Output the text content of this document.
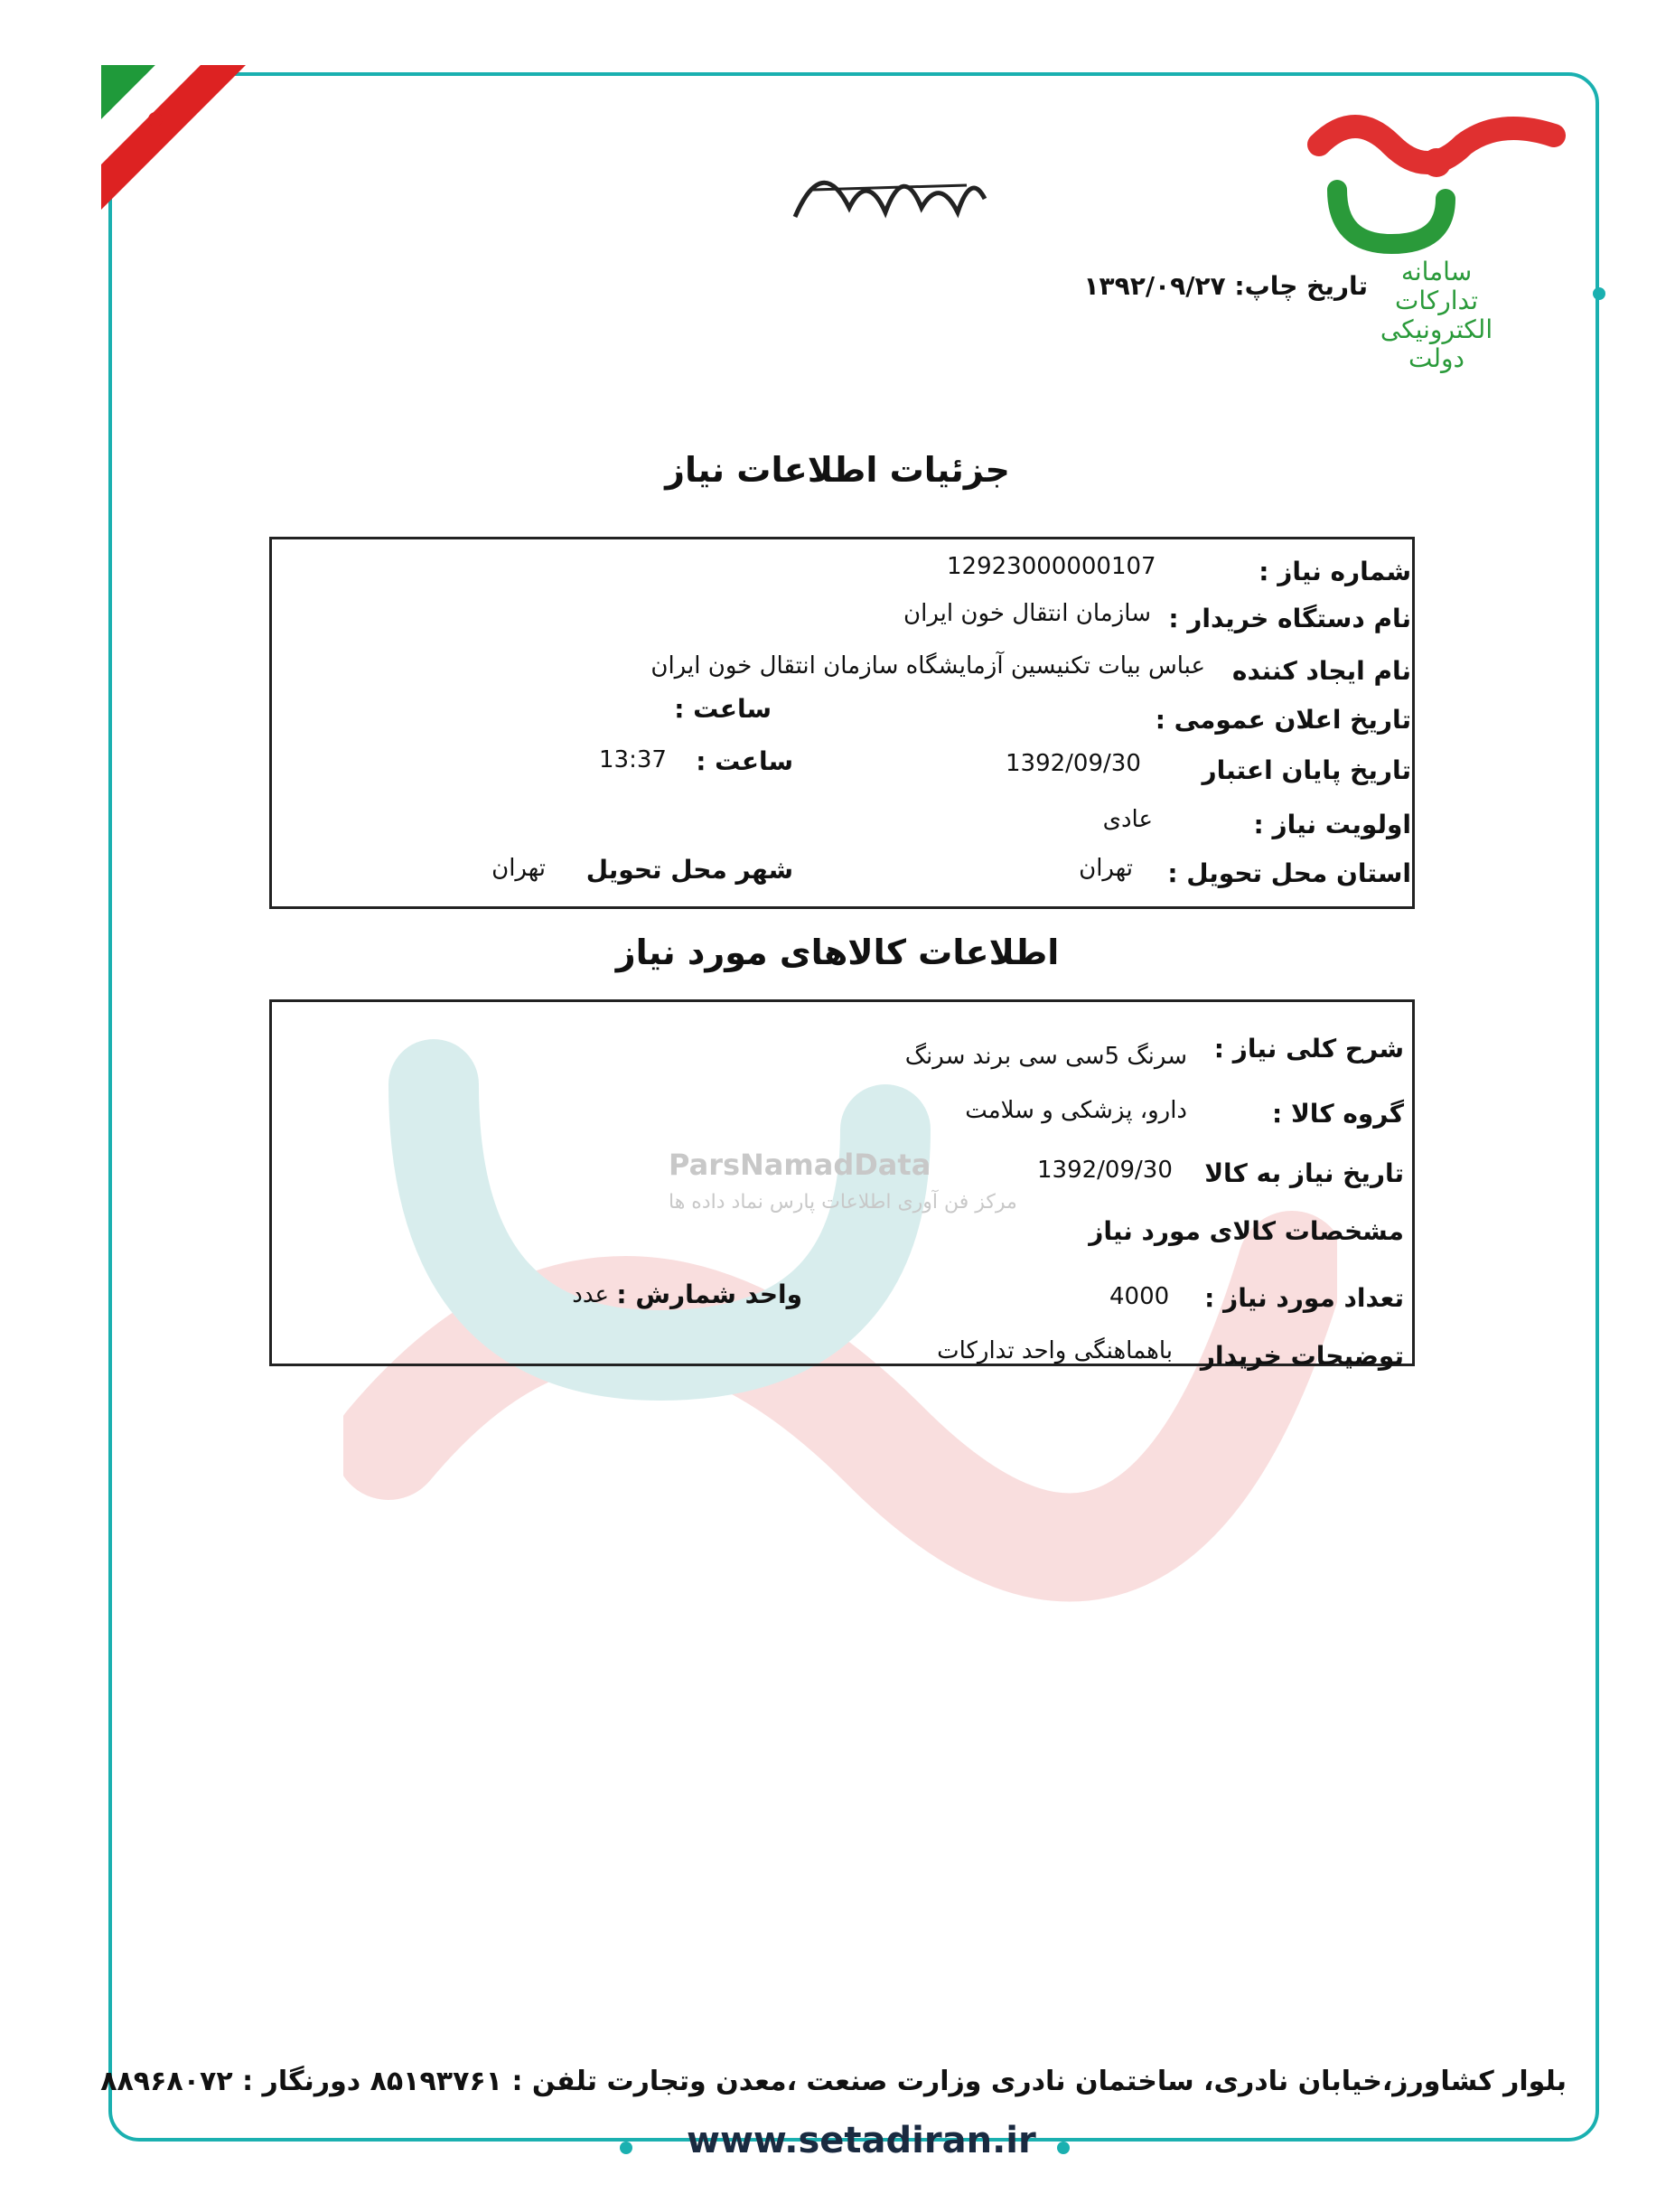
سامانه
تدارکات
الکترونیکی
دولت
تاریخ چاپ: ۱۳۹۲/۰۹/۲۷
ParsNamadData
مرکز فن آوری اطلاعات پارس نماد داده ها
جزئیات اطلاعات نیاز
شماره نیاز :
12923000000107
نام دستگاه خریدار :
سازمان انتقال خون ایران
نام ایجاد کننده
عباس بیات تکنیسین آزمایشگاه سازمان انتقال خون ایران
تاریخ اعلان عمومی :
ساعت :
تاریخ پایان اعتبار
1392/09/30
ساعت :
13:37
اولویت نیاز :
عادی
استان محل تحویل :
تهران
شهر محل تحویل
تهران
اطلاعات کالاهای مورد نیاز
شرح کلی نیاز :
سرنگ 5سی سی برند سرنگ
گروه کالا :
دارو، پزشکی و سلامت
تاریخ نیاز به کالا
1392/09/30
مشخصات کالای مورد نیاز
تعداد مورد نیاز :
4000
واحد شمارش :
عدد
توضیحات خریدار
باهماهنگی واحد تدارکات
بلوار کشاورز،خیابان نادری، ساختمان نادری وزارت صنعت ،معدن وتجارت تلفن : ۸۵۱۹۳۷۶۱ دورنگار : ۸۸۹۶۸۰۷۲
www.setadiran.ir
